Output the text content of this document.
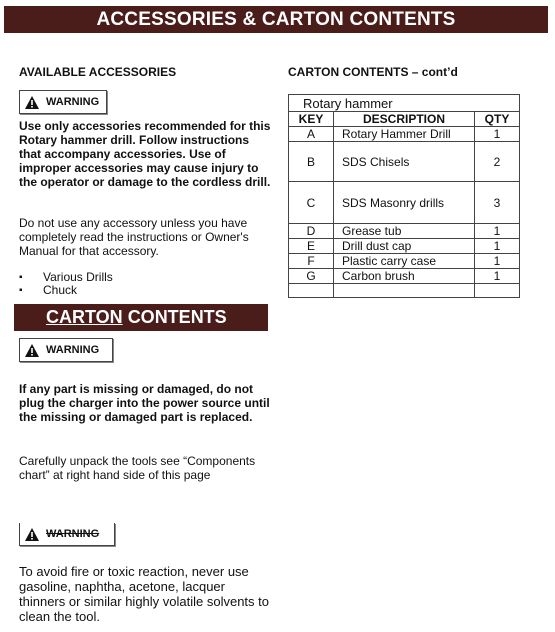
ACCESSORIES & CARTON CONTENTS
AVAILABLE ACCESSORIES
WARNING
Use only accessories recommended for this Rotary hammer drill. Follow instructions that accompany accessories. Use of improper accessories may cause injury to the operator or damage to the cordless drill.
Do not use any accessory unless you have completely read the instructions or Owner's Manual for that accessory.
▪	Various Drills
▪	Chuck
CARTON CONTENTS
WARNING
If any part is missing or damaged, do not plug the charger into the power source until the missing or damaged part is replaced.
Carefully unpack the tools see “Components chart” at right hand side of this page
WARNING
To avoid fire or toxic reaction, never use gasoline, naphtha, acetone, lacquer thinners or similar highly volatile solvents to clean the tool.
CARTON CONTENTS – cont’d
Rotary hammer		
KEY	DESCRIPTION	QTY
A	Rotary Hammer Drill	1
B	SDS Chisels	2
C	SDS Masonry drills	3
D	Grease tub	1
E	Drill dust cap	1
F	Plastic carry case	1
G	Carbon brush	1
